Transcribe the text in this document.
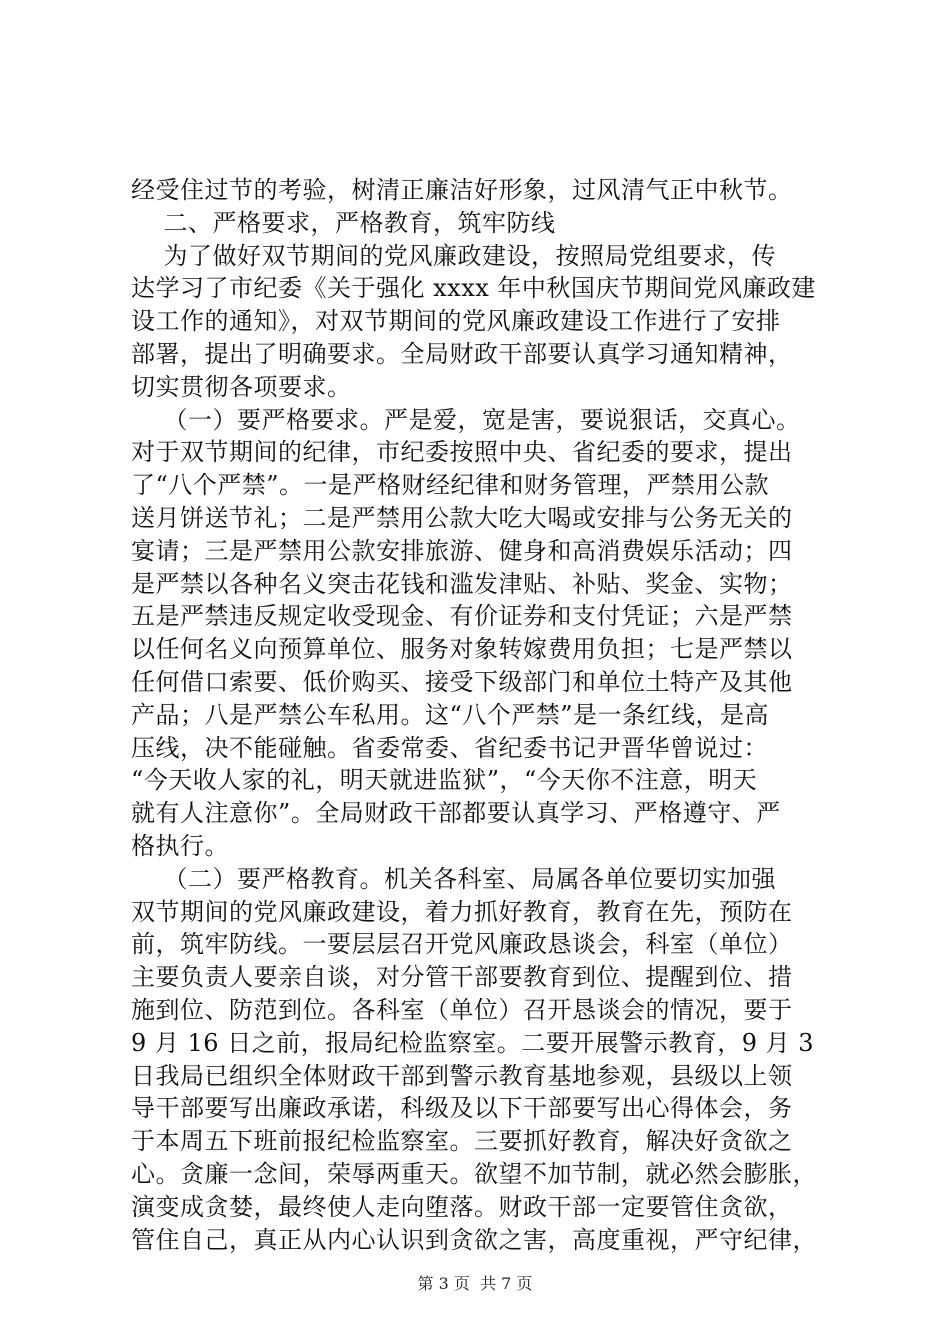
经受住过节的考验，树清正廉洁好形象，过风清气正中秋节。
二、严格要求，严格教育，筑牢防线
为了做好双节期间的党风廉政建设，按照局党组要求，传
达学习了市纪委《关于强化 xxxx 年中秋国庆节期间党风廉政建
设工作的通知》，对双节期间的党风廉政建设工作进行了安排
部署，提出了明确要求。全局财政干部要认真学习通知精神，
切实贯彻各项要求。
（一）要严格要求。严是爱，宽是害，要说狠话，交真心。
对于双节期间的纪律，市纪委按照中央、省纪委的要求，提出
了“八个严禁”。一是严格财经纪律和财务管理，严禁用公款
送月饼送节礼；二是严禁用公款大吃大喝或安排与公务无关的
宴请；三是严禁用公款安排旅游、健身和高消费娱乐活动；四
是严禁以各种名义突击花钱和滥发津贴、补贴、奖金、实物；
五是严禁违反规定收受现金、有价证券和支付凭证；六是严禁
以任何名义向预算单位、服务对象转嫁费用负担；七是严禁以
任何借口索要、低价购买、接受下级部门和单位土特产及其他
产品；八是严禁公车私用。这“八个严禁”是一条红线，是高
压线，决不能碰触。省委常委、省纪委书记尹晋华曾说过：
“今天收人家的礼，明天就进监狱”，“今天你不注意，明天
就有人注意你”。全局财政干部都要认真学习、严格遵守、严
格执行。
（二）要严格教育。机关各科室、局属各单位要切实加强
双节期间的党风廉政建设，着力抓好教育，教育在先，预防在
前，筑牢防线。一要层层召开党风廉政恳谈会，科室（单位）
主要负责人要亲自谈，对分管干部要教育到位、提醒到位、措
施到位、防范到位。各科室（单位）召开恳谈会的情况，要于
9 月 16 日之前，报局纪检监察室。二要开展警示教育，9 月 3
日我局已组织全体财政干部到警示教育基地参观，县级以上领
导干部要写出廉政承诺，科级及以下干部要写出心得体会，务
于本周五下班前报纪检监察室。三要抓好教育，解决好贪欲之
心。贪廉一念间，荣辱两重天。欲望不加节制，就必然会膨胀，
演变成贪婪，最终使人走向堕落。财政干部一定要管住贪欲，
管住自己，真正从内心认识到贪欲之害，高度重视，严守纪律，
第 3 页  共 7 页
